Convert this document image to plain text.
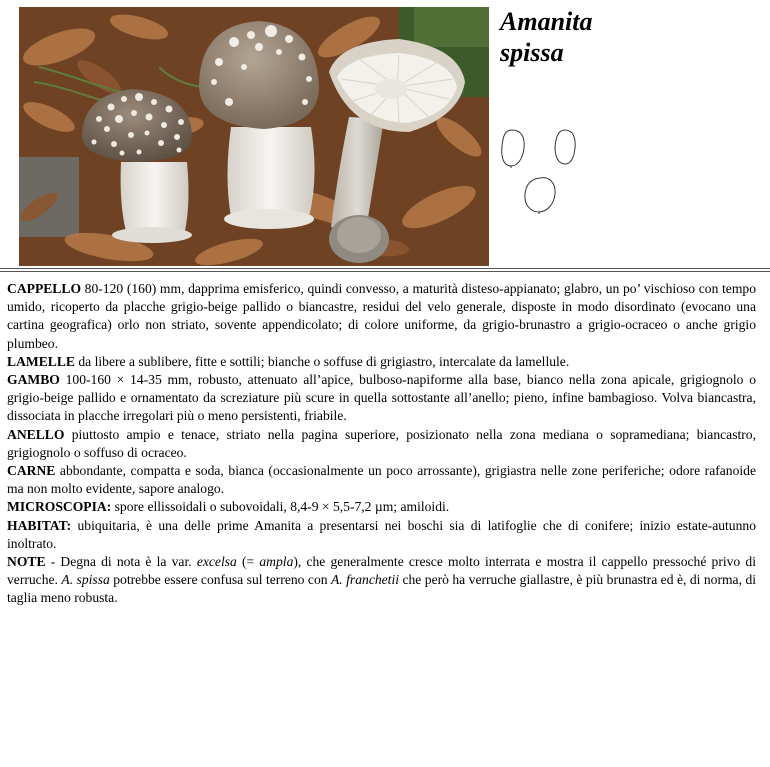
Amanita
spissa

CAPPELLO 80-120 (160) mm, dapprima emisferico, quindi convesso, a maturità disteso-appianato; glabro, un po’ vischioso con tempo umido, ricoperto da placche grigio-beige pallido o biancastre, residui del velo generale, disposte in modo disordinato (evocano una cartina geografica) orlo non striato, sovente appendicolato; di colore uniforme, da grigio-brunastro a grigio-ocraceo o anche grigio plumbeo.

LAMELLE da libere a sublibere, fitte e sottili; bianche o soffuse di grigiastro, intercalate da lamellule.

GAMBO 100-160 × 14-35 mm, robusto, attenuato all’apice, bulboso-napiforme alla base, bianco nella zona apicale, grigiognolo o grigio-beige pallido e ornamentato da screziature più scure in quella sottostante all’anello; pieno, infine bambagioso. Volva biancastra, dissociata in placche irregolari più o meno persistenti, friabile.

ANELLO piuttosto ampio e tenace, striato nella pagina superiore, posizionato nella zona mediana o sopramediana; biancastro, grigiognolo o soffuso di ocraceo.

CARNE abbondante, compatta e soda, bianca (occasionalmente un poco arrossante), grigiastra nelle zone periferiche; odore rafanoide ma non molto evidente, sapore analogo.

MICROSCOPIA: spore ellissoidali o subovoidali, 8,4-9 × 5,5-7,2 µm; amiloidi.

HABITAT: ubiquitaria, è una delle prime Amanita a presentarsi nei boschi sia di latifoglie che di conifere; inizio estate-autunno inoltrato.

NOTE - Degna di nota è la var. excelsa (= ampla), che generalmente cresce molto interrata e mostra il cappello pressoché privo di verruche. A. spissa potrebbe essere confusa sul terreno con A. franchetii che però ha verruche giallastre, è più brunastra ed è, di norma, di taglia meno robusta.
